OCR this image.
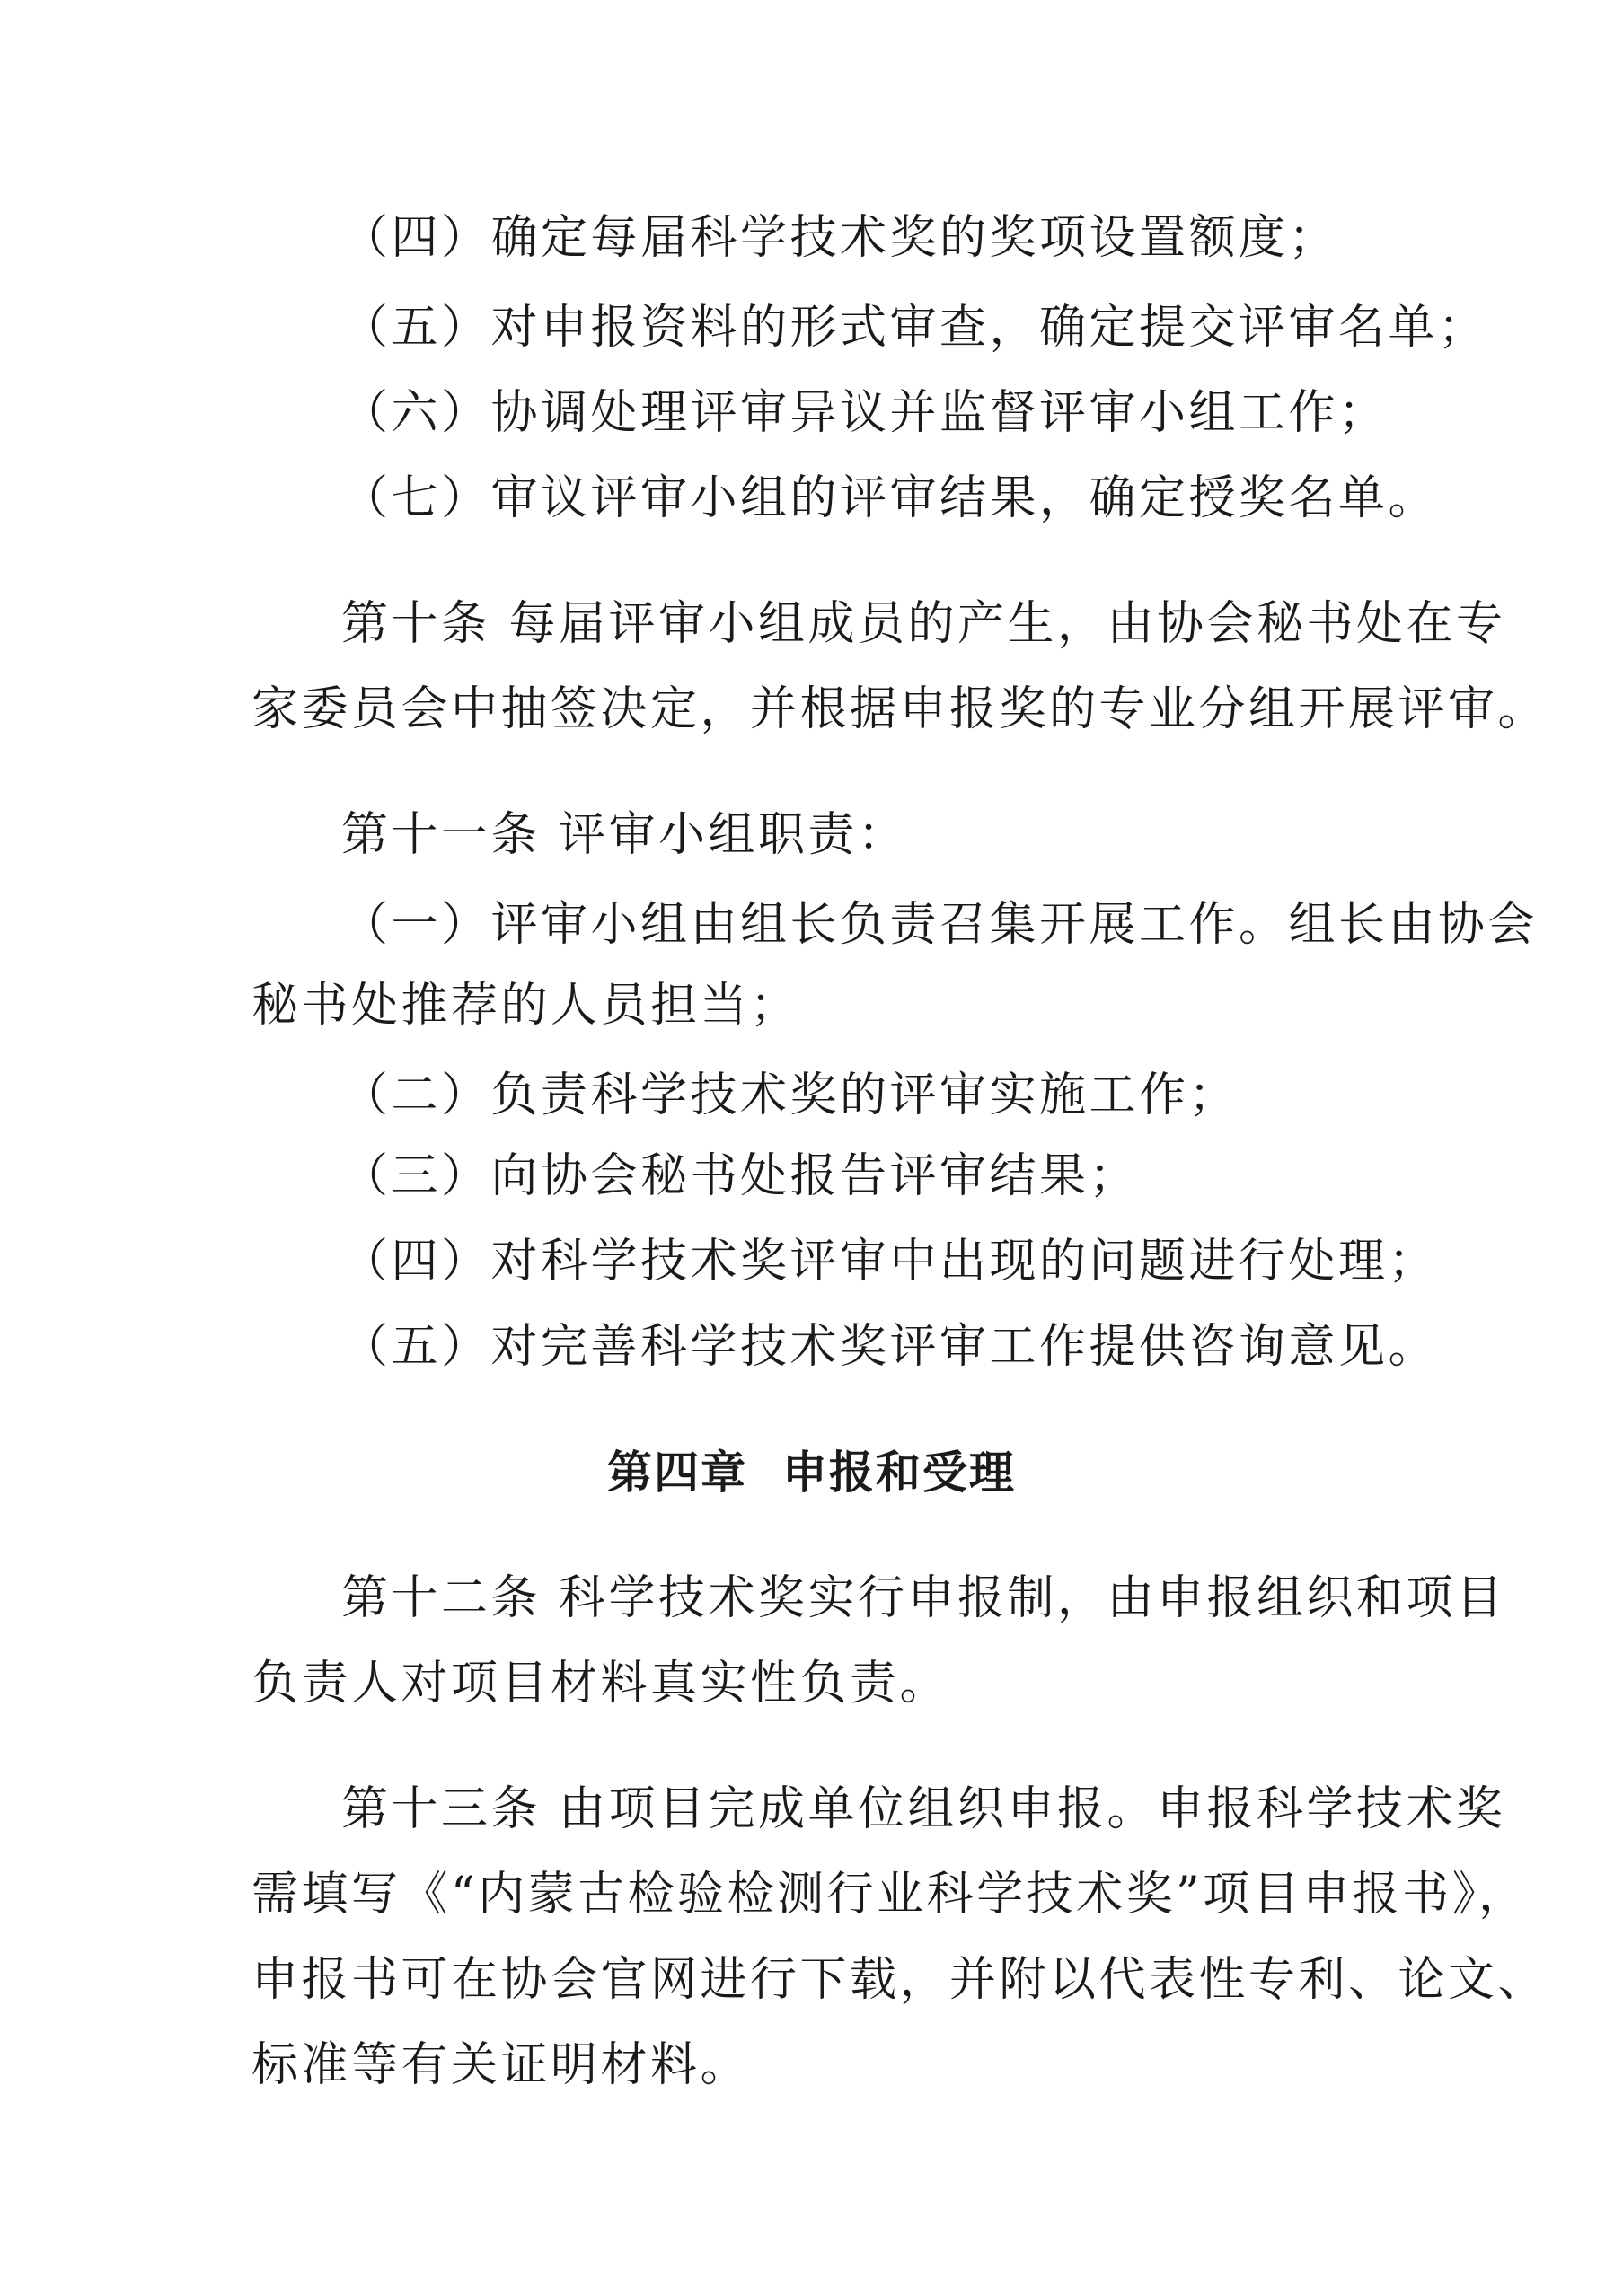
（四）确定每届科学技术奖的奖项设置额度；
（五）对申报资料的形式审查，确定提交评审名单；
（六）协调处理评审异议并监督评审小组工作；
（七）审议评审小组的评审结果，确定授奖名单。
第十条 每届评审小组成员的产生，由协会秘书处在专
家委员会中抽签决定，并根据申报奖的专业分组开展评审。
第十一条 评审小组职责：
（一）评审小组由组长负责召集开展工作。组长由协会
秘书处推荐的人员担当；
（二）负责科学技术奖的评审实施工作；
（三）向协会秘书处报告评审结果；
（四）对科学技术奖评审中出现的问题进行处理；
（五）对完善科学技术奖评审工作提供咨询意见。
第四章  申报和受理
第十二条 科学技术奖实行申报制，由申报组织和项目
负责人对项目材料真实性负责。
第十三条 由项目完成单位组织申报。申报科学技术奖
需填写《“内蒙古检验检测行业科学技术奖”项目申报书》，
申报书可在协会官网进行下载，并附以代表性专利、论文、
标准等有关证明材料。
